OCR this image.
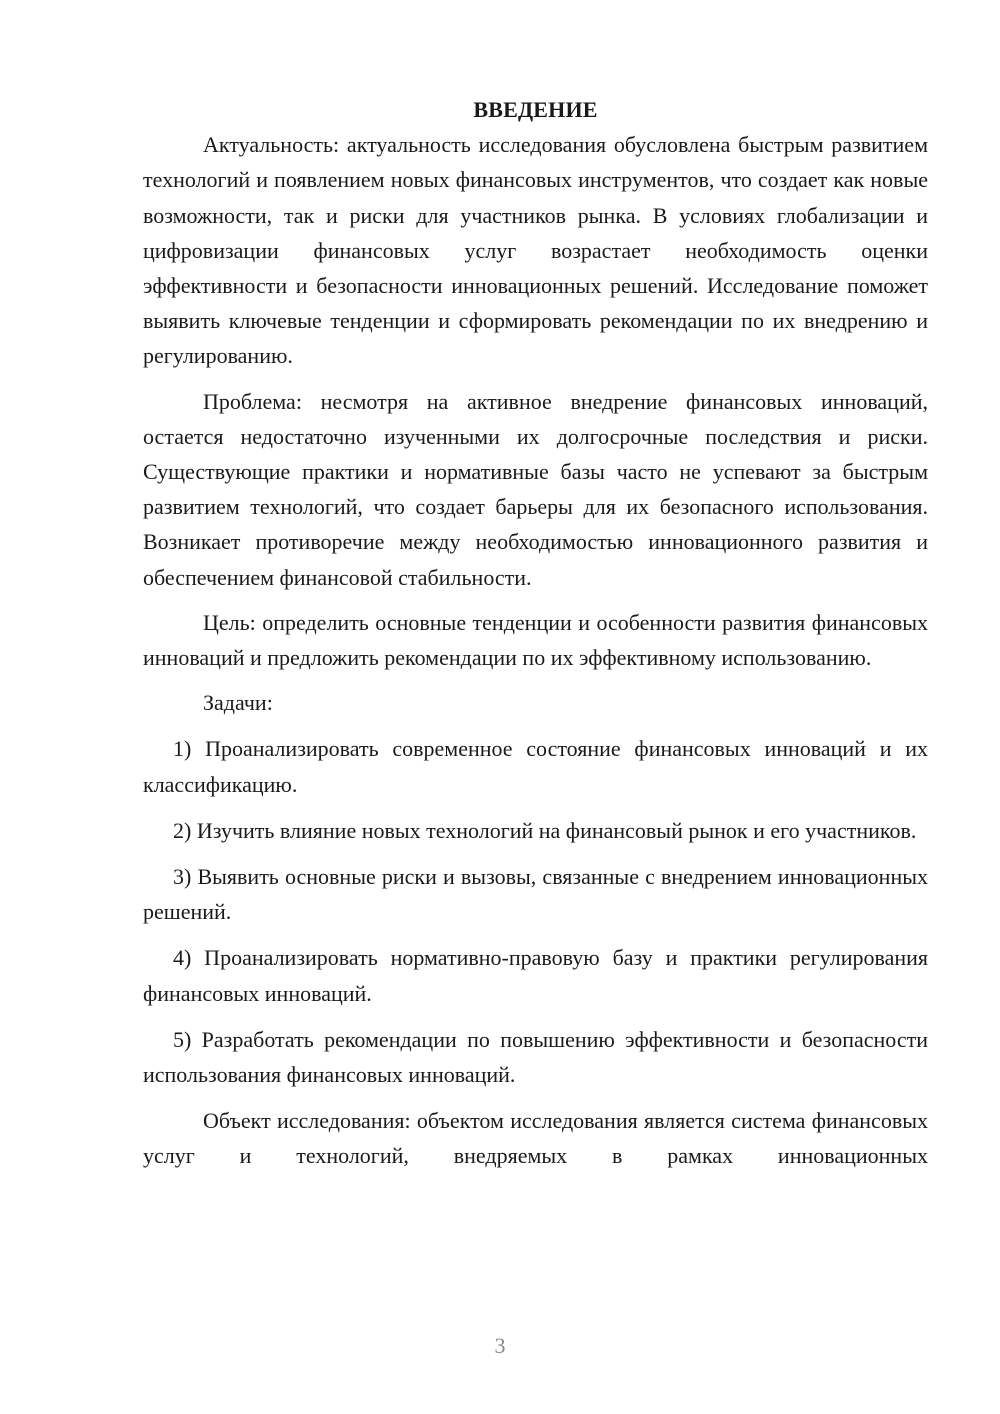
ВВЕДЕНИЕ

Актуальность: актуальность исследования обусловлена быстрым развитием технологий и появлением новых финансовых инструментов, что создает как новые возможности, так и риски для участников рынка. В условиях глобализации и цифровизации финансовых услуг возрастает необходимость оценки эффективности и безопасности инновационных решений. Исследование поможет выявить ключевые тенденции и сформировать рекомендации по их внедрению и регулированию.

Проблема: несмотря на активное внедрение финансовых инноваций, остается недостаточно изученными их долгосрочные последствия и риски. Существующие практики и нормативные базы часто не успевают за быстрым развитием технологий, что создает барьеры для их безопасного использования. Возникает противоречие между необходимостью инновационного развития и обеспечением финансовой стабильности.

Цель: определить основные тенденции и особенности развития финансовых инноваций и предложить рекомендации по их эффективному использованию.

Задачи:

1) Проанализировать современное состояние финансовых инноваций и их классификацию.

2) Изучить влияние новых технологий на финансовый рынок и его участников.

3) Выявить основные риски и вызовы, связанные с внедрением инновационных решений.

4) Проанализировать нормативно-правовую базу и практики регулирования финансовых инноваций.

5) Разработать рекомендации по повышению эффективности и безопасности использования финансовых инноваций.

Объект исследования: объектом исследования является система финансовых услуг и технологий, внедряемых в рамках инновационных

3
